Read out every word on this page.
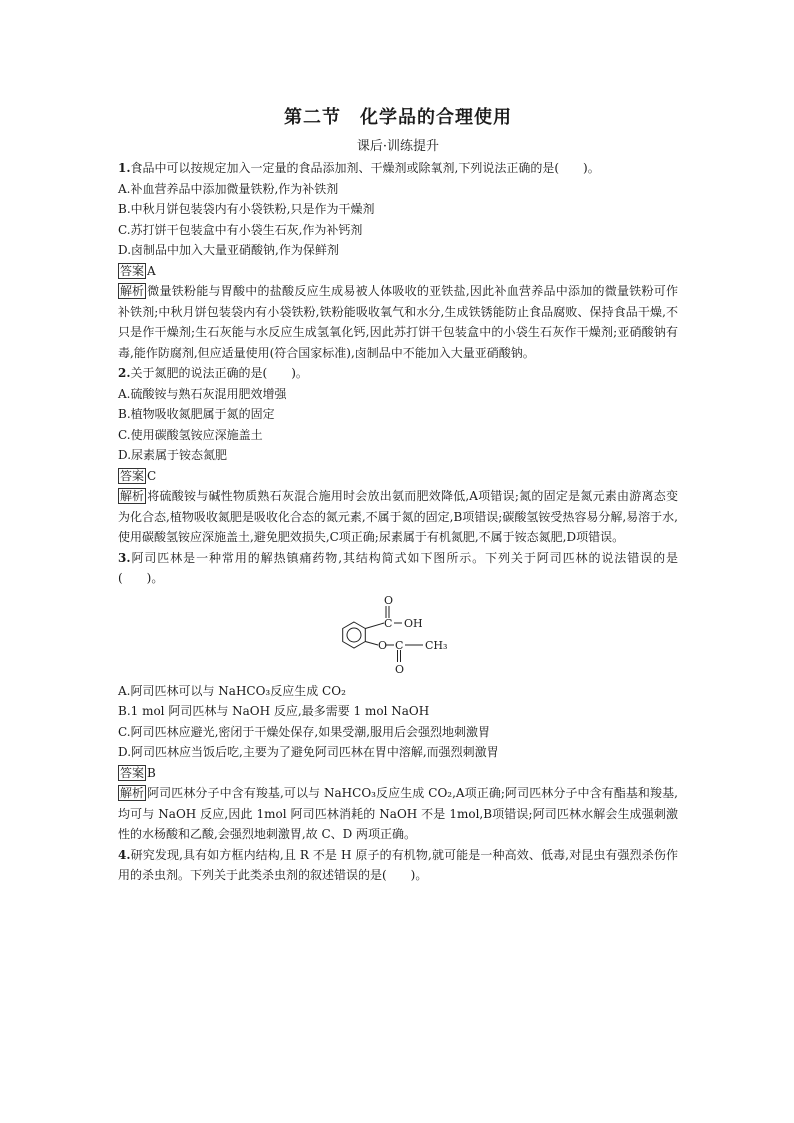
第二节　化学品的合理使用
课后·训练提升

1.食品中可以按规定加入一定量的食品添加剂、干燥剂或除氧剂,下列说法正确的是(　　)。

A.补血营养品中添加微量铁粉,作为补铁剂

B.中秋月饼包装袋内有小袋铁粉,只是作为干燥剂

C.苏打饼干包装盒中有小袋生石灰,作为补钙剂

D.卤制品中加入大量亚硝酸钠,作为保鲜剂

答案 A

解析 微量铁粉能与胃酸中的盐酸反应生成易被人体吸收的亚铁盐,因此补血营养品中添加的微量铁粉可作补铁剂;中秋月饼包装袋内有小袋铁粉,铁粉能吸收氧气和水分,生成铁锈能防止食品腐败、保持食品干燥,不只是作干燥剂;生石灰能与水反应生成氢氧化钙,因此苏打饼干包装盒中的小袋生石灰作干燥剂;亚硝酸钠有毒,能作防腐剂,但应适量使用(符合国家标准),卤制品中不能加入大量亚硝酸钠。

2.关于氮肥的说法正确的是(　　)。

A.硫酸铵与熟石灰混用肥效增强

B.植物吸收氮肥属于氮的固定

C.使用碳酸氢铵应深施盖土

D.尿素属于铵态氮肥

答案 C

解析 将硫酸铵与碱性物质熟石灰混合施用时会放出氨而肥效降低,A项错误;氮的固定是氮元素由游离态变为化合态,植物吸收氮肥是吸收化合态的氮元素,不属于氮的固定,B项错误;碳酸氢铵受热容易分解,易溶于水,使用碳酸氢铵应深施盖土,避免肥效损失,C项正确;尿素属于有机氮肥,不属于铵态氮肥,D项错误。

3.阿司匹林是一种常用的解热镇痛药物,其结构简式如下图所示。下列关于阿司匹林的说法错误的是(　　)。

O
C OH
O C CH₃
O

A.阿司匹林可以与 NaHCO₃反应生成 CO₂

B.1 mol 阿司匹林与 NaOH 反应,最多需要 1 mol NaOH

C.阿司匹林应避光,密闭于干燥处保存,如果受潮,服用后会强烈地刺激胃

D.阿司匹林应当饭后吃,主要为了避免阿司匹林在胃中溶解,而强烈刺激胃

答案 B

解析 阿司匹林分子中含有羧基,可以与 NaHCO₃反应生成 CO₂,A项正确;阿司匹林分子中含有酯基和羧基,均可与 NaOH 反应,因此 1mol 阿司匹林消耗的 NaOH 不是 1mol,B项错误;阿司匹林水解会生成强刺激性的水杨酸和乙酸,会强烈地刺激胃,故 C、D 两项正确。

4.研究发现,具有如方框内结构,且 R 不是 H 原子的有机物,就可能是一种高效、低毒,对昆虫有强烈杀伤作用的杀虫剂。下列关于此类杀虫剂的叙述错误的是(　　)。
